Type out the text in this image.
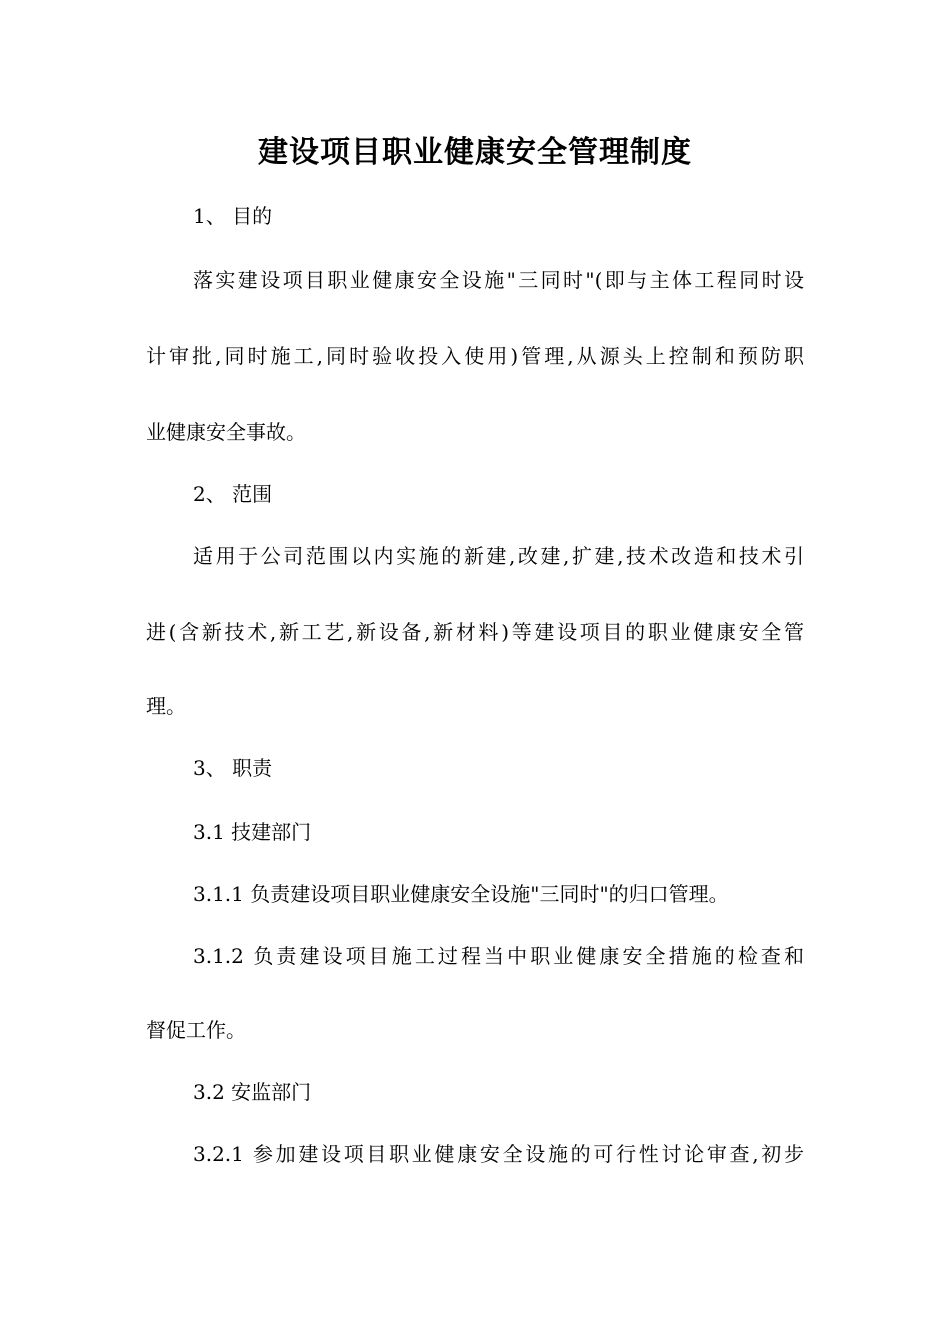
建设项目职业健康安全管理制度

1、 目的

落实建设项目职业健康安全设施"三同时"(即与主体工程同时设

计审批,同时施工,同时验收投入使用)管理,从源头上控制和预防职

业健康安全事故。

2、 范围

适用于公司范围以内实施的新建,改建,扩建,技术改造和技术引

进(含新技术,新工艺,新设备,新材料)等建设项目的职业健康安全管

理。

3、 职责

3.1 技建部门

3.1.1 负责建设项目职业健康安全设施"三同时"的归口管理。

3.1.2 负责建设项目施工过程当中职业健康安全措施的检查和

督促工作。

3.2 安监部门

3.2.1 参加建设项目职业健康安全设施的可行性讨论审查,初步
